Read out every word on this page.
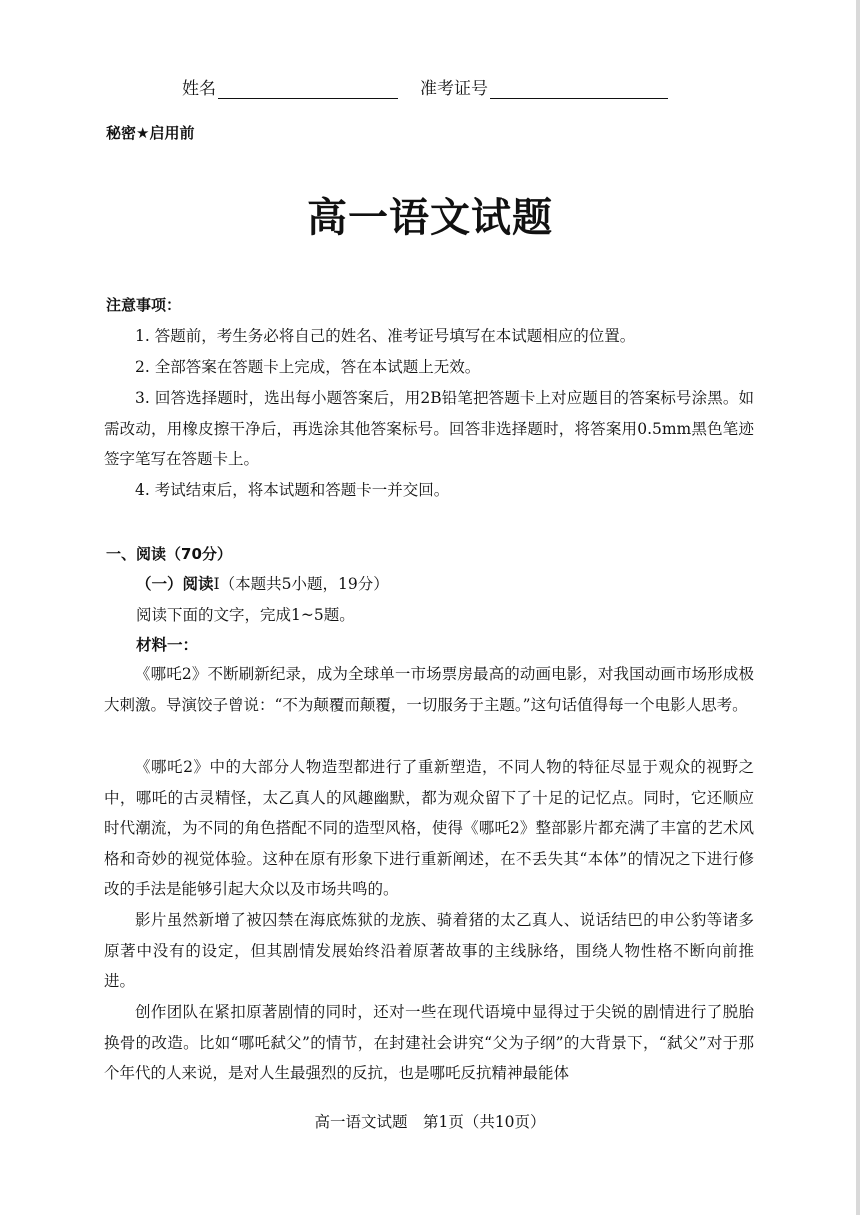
姓名	准考证号
秘密★启用前
高一语文试题
注意事项：
1. 答题前，考生务必将自己的姓名、准考证号填写在本试题相应的位置。
2. 全部答案在答题卡上完成，答在本试题上无效。
3. 回答选择题时，选出每小题答案后，用2B铅笔把答题卡上对应题目的答案标号涂黑。如需改动，用橡皮擦干净后，再选涂其他答案标号。回答非选择题时，将答案用0.5mm黑色笔迹签字笔写在答题卡上。
4. 考试结束后，将本试题和答题卡一并交回。
一、阅读（70分）
（一）阅读Ⅰ（本题共5小题，19分）
阅读下面的文字，完成1~5题。
材料一：
《哪吒2》不断刷新纪录，成为全球单一市场票房最高的动画电影，对我国动画市场形成极大刺激。导演饺子曾说：“不为颠覆而颠覆，一切服务于主题。”这句话值得每一个电影人思考。
《哪吒2》中的大部分人物造型都进行了重新塑造，不同人物的特征尽显于观众的视野之中，哪吒的古灵精怪，太乙真人的风趣幽默，都为观众留下了十足的记忆点。同时，它还顺应时代潮流，为不同的角色搭配不同的造型风格，使得《哪吒2》整部影片都充满了丰富的艺术风格和奇妙的视觉体验。这种在原有形象下进行重新阐述，在不丢失其“本体”的情况之下进行修改的手法是能够引起大众以及市场共鸣的。
影片虽然新增了被囚禁在海底炼狱的龙族、骑着猪的太乙真人、说话结巴的申公豹等诸多原著中没有的设定，但其剧情发展始终沿着原著故事的主线脉络，围绕人物性格不断向前推进。
创作团队在紧扣原著剧情的同时，还对一些在现代语境中显得过于尖锐的剧情进行了脱胎换骨的改造。比如“哪吒弑父”的情节，在封建社会讲究“父为子纲”的大背景下，“弑父”对于那个年代的人来说，是对人生最强烈的反抗，也是哪吒反抗精神最能体
高一语文试题　第1页（共10页）
